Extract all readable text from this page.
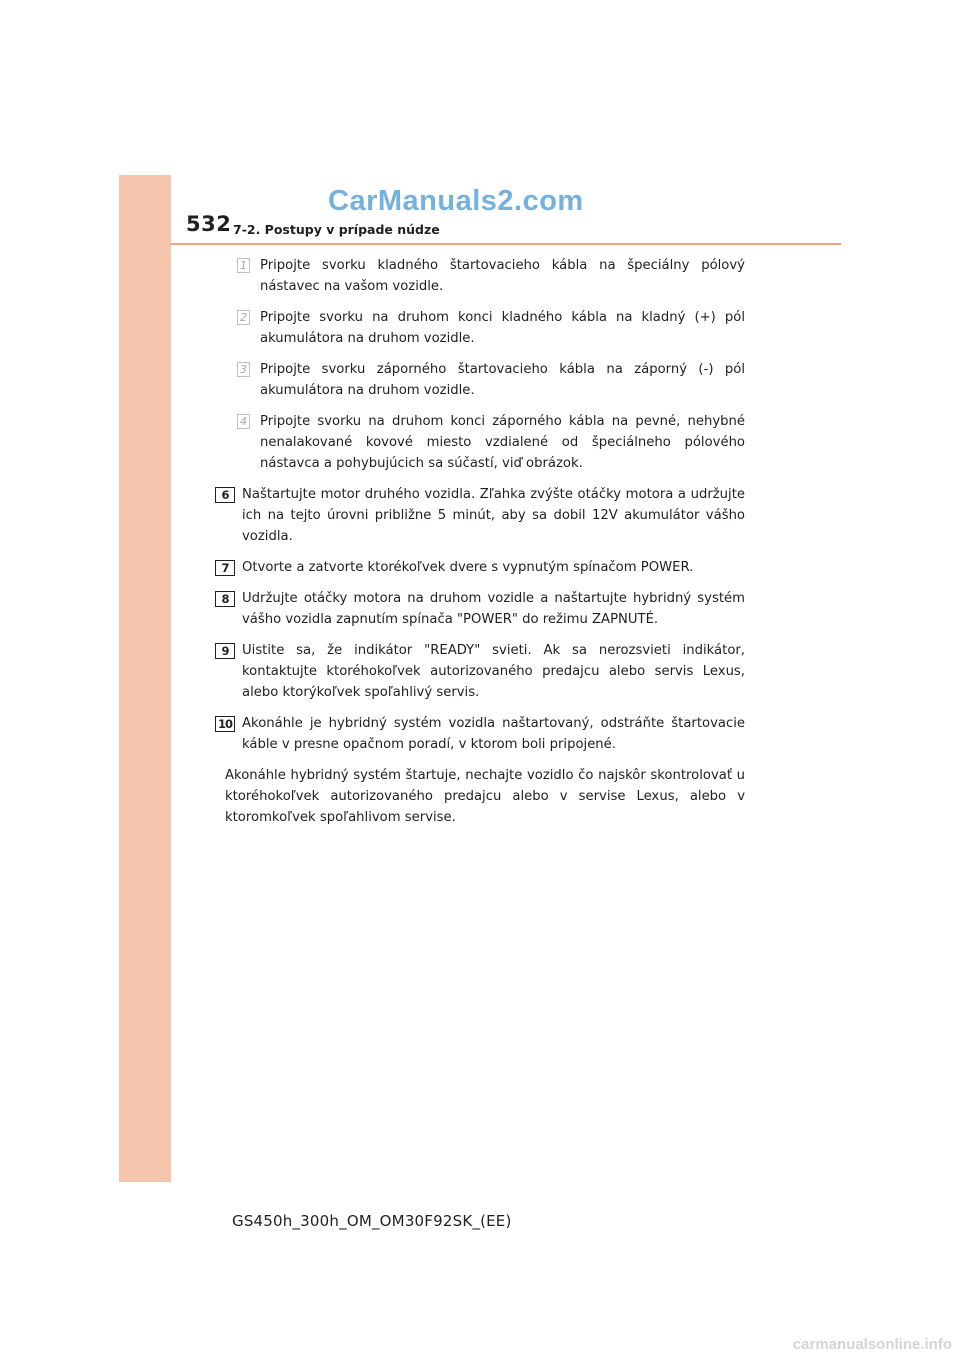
532 7-2. Postupy v prípade núdze
CarManuals2.com
1 Pripojte svorku kladného štartovacieho kábla na špeciálny pólový nástavec na vašom vozidle.
2 Pripojte svorku na druhom konci kladného kábla na kladný (+) pól akumulátora na druhom vozidle.
3 Pripojte svorku záporného štartovacieho kábla na záporný (-) pól akumulátora na druhom vozidle.
4 Pripojte svorku na druhom konci záporného kábla na pevné, nehybné nenalakované kovové miesto vzdialené od špeciálneho pólového nástavca a pohybujúcich sa súčastí, viď obrázok.
6	Naštartujte motor druhého vozidla. Zľahka zvýšte otáčky motora a udržujte ich na tejto úrovni približne 5 minút, aby sa dobil 12V akumulátor vášho vozidla.
7	Otvorte a zatvorte ktorékoľvek dvere s vypnutým spínačom POWER.
8	Udržujte otáčky motora na druhom vozidle a naštartujte hybridný systém vášho vozidla zapnutím spínača "POWER" do režimu ZAPNUTÉ.
9	Uistite sa, že indikátor "READY" svieti. Ak sa nerozsvieti indikátor, kontaktujte ktoréhokoľvek autorizovaného predajcu alebo servis Lexus, alebo ktorýkoľvek spoľahlivý servis.
10 Akonáhle je hybridný systém vozidla naštartovaný, odstráňte štartovacie káble v presne opačnom poradí, v ktorom boli pripojené.
Akonáhle hybridný systém štartuje, nechajte vozidlo čo najskôr skontrolovať u ktoréhokoľvek autorizovaného predajcu alebo v servise Lexus, alebo v ktoromkoľvek spoľahlivom servise.
GS450h_300h_OM_OM30F92SK_(EE)
carmanualsonline.info
